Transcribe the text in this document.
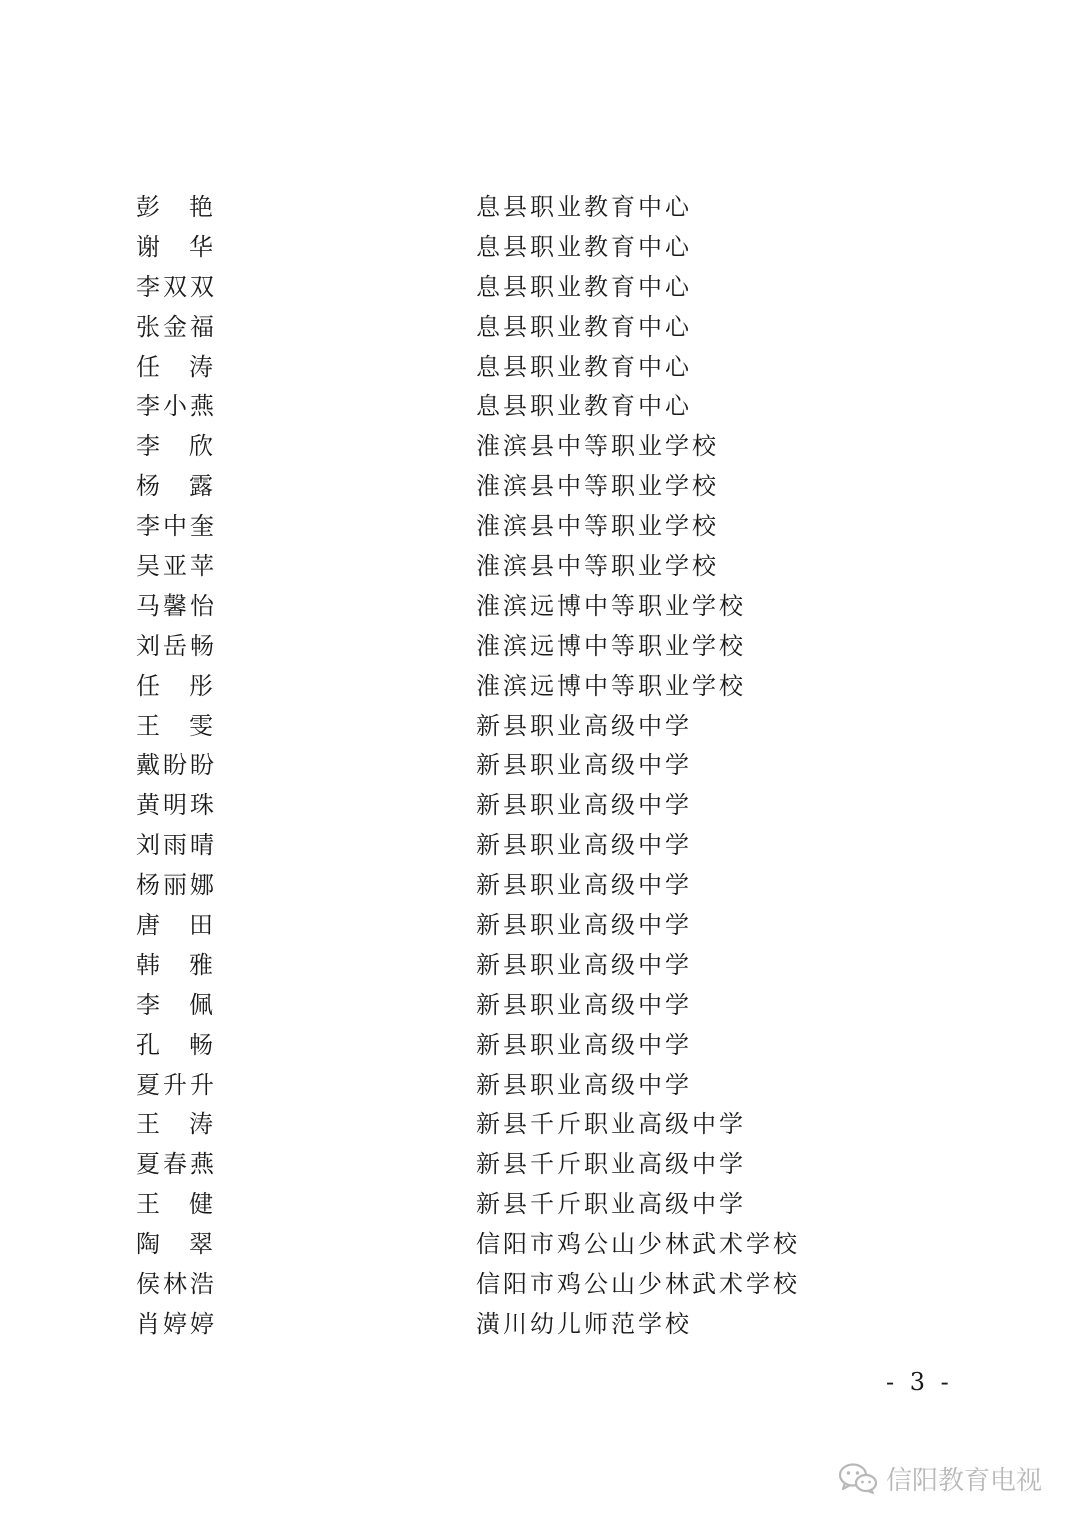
彭艳	息县职业教育中心
谢华	息县职业教育中心
李双双	息县职业教育中心
张金福	息县职业教育中心
任涛	息县职业教育中心
李小燕	息县职业教育中心
李欣	淮滨县中等职业学校
杨露	淮滨县中等职业学校
李中奎	淮滨县中等职业学校
吴亚苹	淮滨县中等职业学校
马馨怡	淮滨远博中等职业学校
刘岳畅	淮滨远博中等职业学校
任彤	淮滨远博中等职业学校
王雯	新县职业高级中学
戴盼盼	新县职业高级中学
黄明珠	新县职业高级中学
刘雨晴	新县职业高级中学
杨丽娜	新县职业高级中学
唐田	新县职业高级中学
韩雅	新县职业高级中学
李佩	新县职业高级中学
孔畅	新县职业高级中学
夏升升	新县职业高级中学
王涛	新县千斤职业高级中学
夏春燕	新县千斤职业高级中学
王健	新县千斤职业高级中学
陶翠	信阳市鸡公山少林武术学校
侯林浩	信阳市鸡公山少林武术学校
肖婷婷	潢川幼儿师范学校
- 3 -
信阳教育电视
